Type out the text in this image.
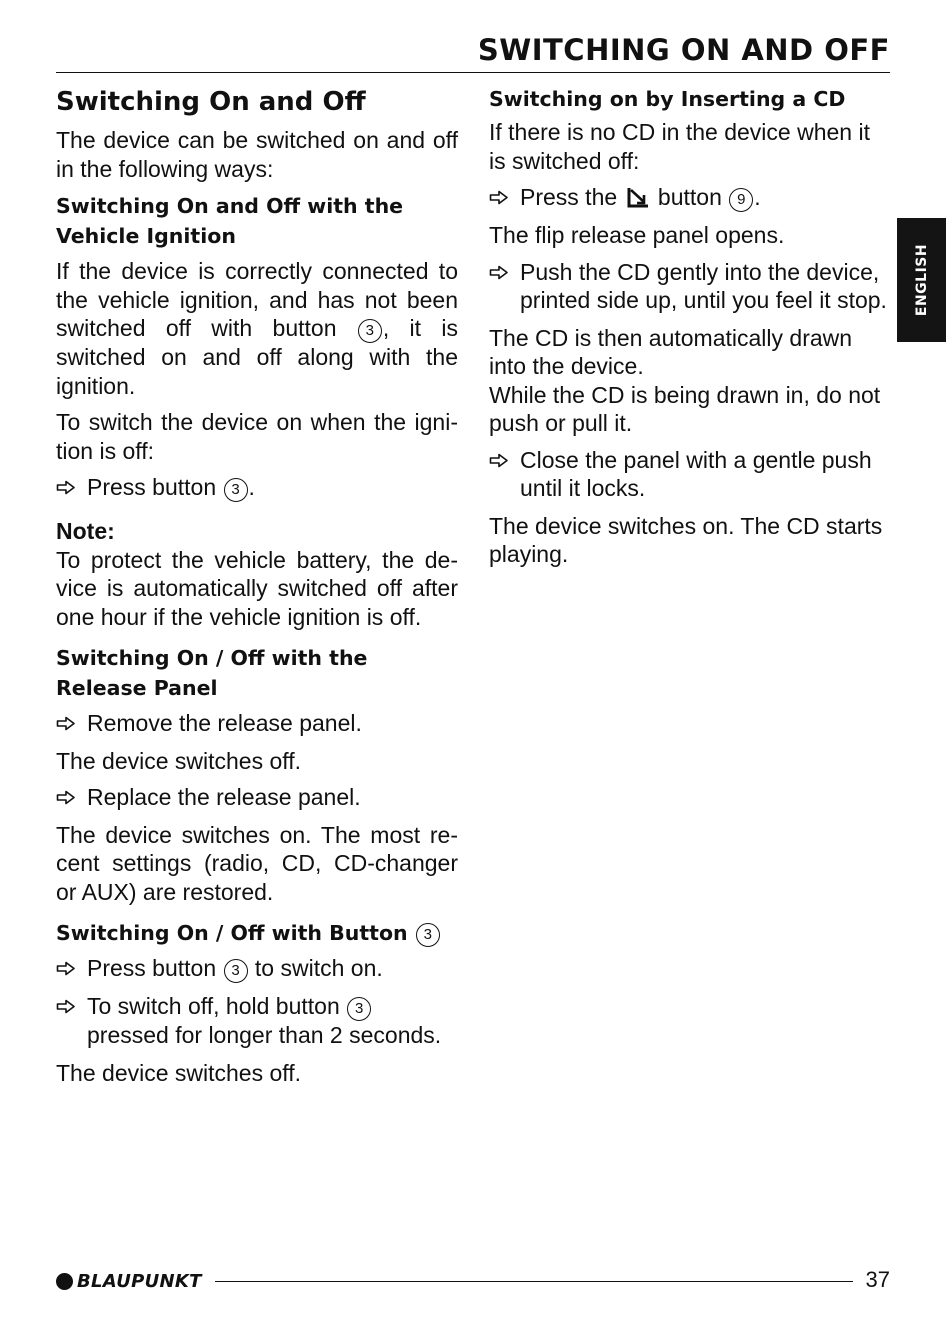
SWITCHING ON AND OFF
ENGLISH
Switching On and Off
The device can be switched on and off in the following ways:
Switching On and Off with the Vehicle Ignition
If the device is correctly connected to the vehicle ignition, and has not been switched off with button 3 , it is switched on and off along with the ignition.
To switch the device on when the igni-tion is off:
Press button 3 .
Note:
To protect the vehicle battery, the de-vice is automatically switched off after one hour if the vehicle ignition is off.
Switching On / Off with the Release Panel
Remove the release panel.
The device switches off.
Replace the release panel.
The device switches on. The most re-cent settings (radio, CD, CD-changer or AUX) are restored.
Switching On / Off with Button 3
Press button 3 to switch on.
To switch off, hold button 3 pressed for longer than 2 seconds.
The device switches off.
Switching on by Inserting a CD
If there is no CD in the device when it is switched off:
Press the  button 9 .
The flip release panel opens.
Push the CD gently into the device, printed side up, until you feel it stop.
The CD is then automatically drawn into the device.
While the CD is being drawn in, do not push or pull it.
Close the panel with a gentle push until it locks.
The device switches on. The CD starts playing.
BLAUPUNKT	37
